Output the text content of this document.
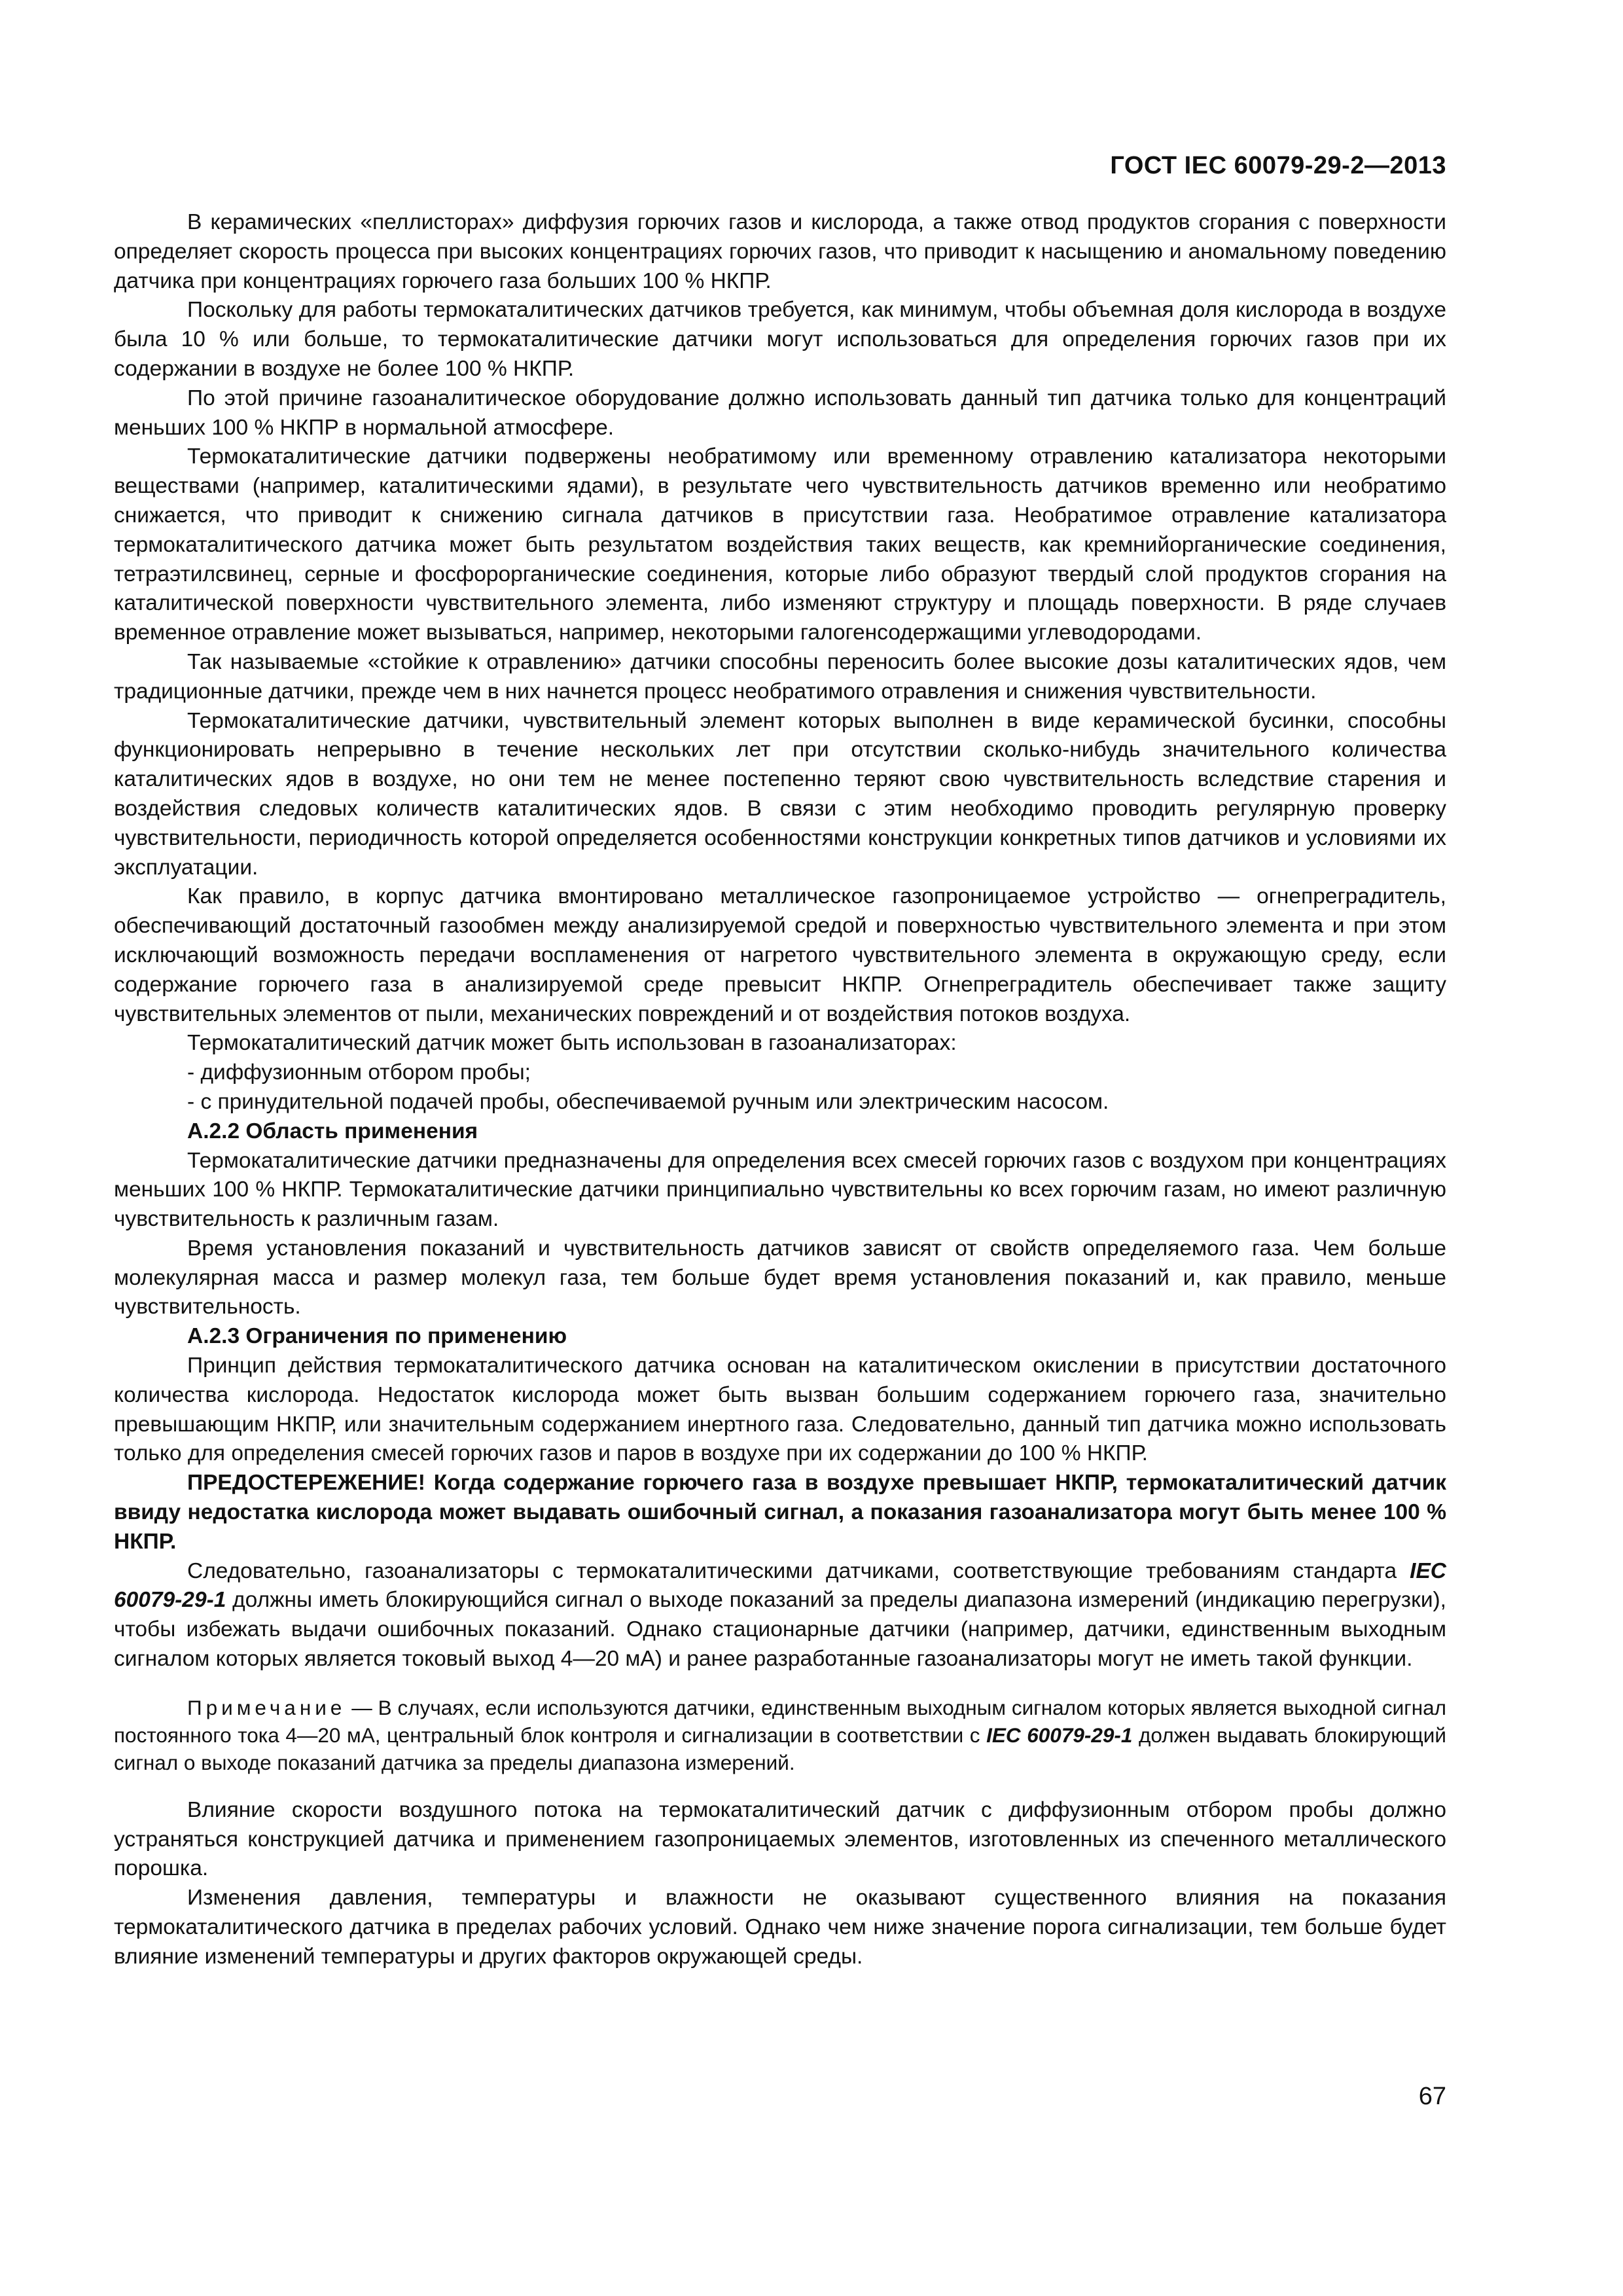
ГОСТ IEC 60079-29-2—2013

В керамических «пеллисторах» диффузия горючих газов и кислорода, а также отвод продуктов сгорания с поверхности определяет скорость процесса при высоких концентрациях горючих газов, что приводит к насыщению и аномальному поведению датчика при концентрациях горючего газа больших 100 % НКПР.

Поскольку для работы термокаталитических датчиков требуется, как минимум, чтобы объемная доля кислорода в воздухе была 10 % или больше, то термокаталитические датчики могут использоваться для определения горючих газов при их содержании в воздухе не более 100 % НКПР.

По этой причине газоаналитическое оборудование должно использовать данный тип датчика только для концентраций меньших 100 % НКПР в нормальной атмосфере.

Термокаталитические датчики подвержены необратимому или временному отравлению катализатора некоторыми веществами (например, каталитическими ядами), в результате чего чувствительность датчиков временно или необратимо снижается, что приводит к снижению сигнала датчиков в присутствии газа. Необратимое отравление катализатора термокаталитического датчика может быть результатом воздействия таких веществ, как кремнийорганические соединения, тетраэтилсвинец, серные и фосфорорганические соединения, которые либо образуют твердый слой продуктов сгорания на каталитической поверхности чувствительного элемента, либо изменяют структуру и площадь поверхности. В ряде случаев временное отравление может вызываться, например, некоторыми галогенсодержащими углеводородами.

Так называемые «стойкие к отравлению» датчики способны переносить более высокие дозы каталитических ядов, чем традиционные датчики, прежде чем в них начнется процесс необратимого отравления и снижения чувствительности.

Термокаталитические датчики, чувствительный элемент которых выполнен в виде керамической бусинки, способны функционировать непрерывно в течение нескольких лет при отсутствии сколько-нибудь значительного количества каталитических ядов в воздухе, но они тем не менее постепенно теряют свою чувствительность вследствие старения и воздействия следовых количеств каталитических ядов. В связи с этим необходимо проводить регулярную проверку чувствительности, периодичность которой определяется особенностями конструкции конкретных типов датчиков и условиями их эксплуатации.

Как правило, в корпус датчика вмонтировано металлическое газопроницаемое устройство — огнепреградитель, обеспечивающий достаточный газообмен между анализируемой средой и поверхностью чувствительного элемента и при этом исключающий возможность передачи воспламенения от нагретого чувствительного элемента в окружающую среду, если содержание горючего газа в анализируемой среде превысит НКПР. Огнепреградитель обеспечивает также защиту чувствительных элементов от пыли, механических повреждений и от воздействия потоков воздуха.

Термокаталитический датчик может быть использован в газоанализаторах:

- диффузионным отбором пробы;

- с принудительной подачей пробы, обеспечиваемой ручным или электрическим насосом.

А.2.2 Область применения

Термокаталитические датчики предназначены для определения всех смесей горючих газов с воздухом при концентрациях меньших 100 % НКПР. Термокаталитические датчики принципиально чувствительны ко всех горючим газам, но имеют различную чувствительность к различным газам.

Время установления показаний и чувствительность датчиков зависят от свойств определяемого газа. Чем больше молекулярная масса и размер молекул газа, тем больше будет время установления показаний и, как правило, меньше чувствительность.

А.2.3 Ограничения по применению

Принцип действия термокаталитического датчика основан на каталитическом окислении в присутствии достаточного количества кислорода. Недостаток кислорода может быть вызван большим содержанием горючего газа, значительно превышающим НКПР, или значительным содержанием инертного газа. Следовательно, данный тип датчика можно использовать только для определения смесей горючих газов и паров в воздухе при их содержании до 100 % НКПР.

ПРЕДОСТЕРЕЖЕНИЕ! Когда содержание горючего газа в воздухе превышает НКПР, термокаталитический датчик ввиду недостатка кислорода может выдавать ошибочный сигнал, а показания газоанализатора могут быть менее 100 % НКПР.

Следовательно, газоанализаторы с термокаталитическими датчиками, соответствующие требованиям стандарта IEC 60079-29-1 должны иметь блокирующийся сигнал о выходе показаний за пределы диапазона измерений (индикацию перегрузки), чтобы избежать выдачи ошибочных показаний. Однако стационарные датчики (например, датчики, единственным выходным сигналом которых является токовый выход 4—20 мА) и ранее разработанные газоанализаторы могут не иметь такой функции.

Примечание — В случаях, если используются датчики, единственным выходным сигналом которых является выходной сигнал постоянного тока 4—20 мА, центральный блок контроля и сигнализации в соответствии с IEC 60079-29-1 должен выдавать блокирующий сигнал о выходе показаний датчика за пределы диапазона измерений.

Влияние скорости воздушного потока на термокаталитический датчик с диффузионным отбором пробы должно устраняться конструкцией датчика и применением газопроницаемых элементов, изготовленных из спеченного металлического порошка.

Изменения давления, температуры и влажности не оказывают существенного влияния на показания термокаталитического датчика в пределах рабочих условий. Однако чем ниже значение порога сигнализации, тем больше будет влияние изменений температуры и других факторов окружающей среды.

67
